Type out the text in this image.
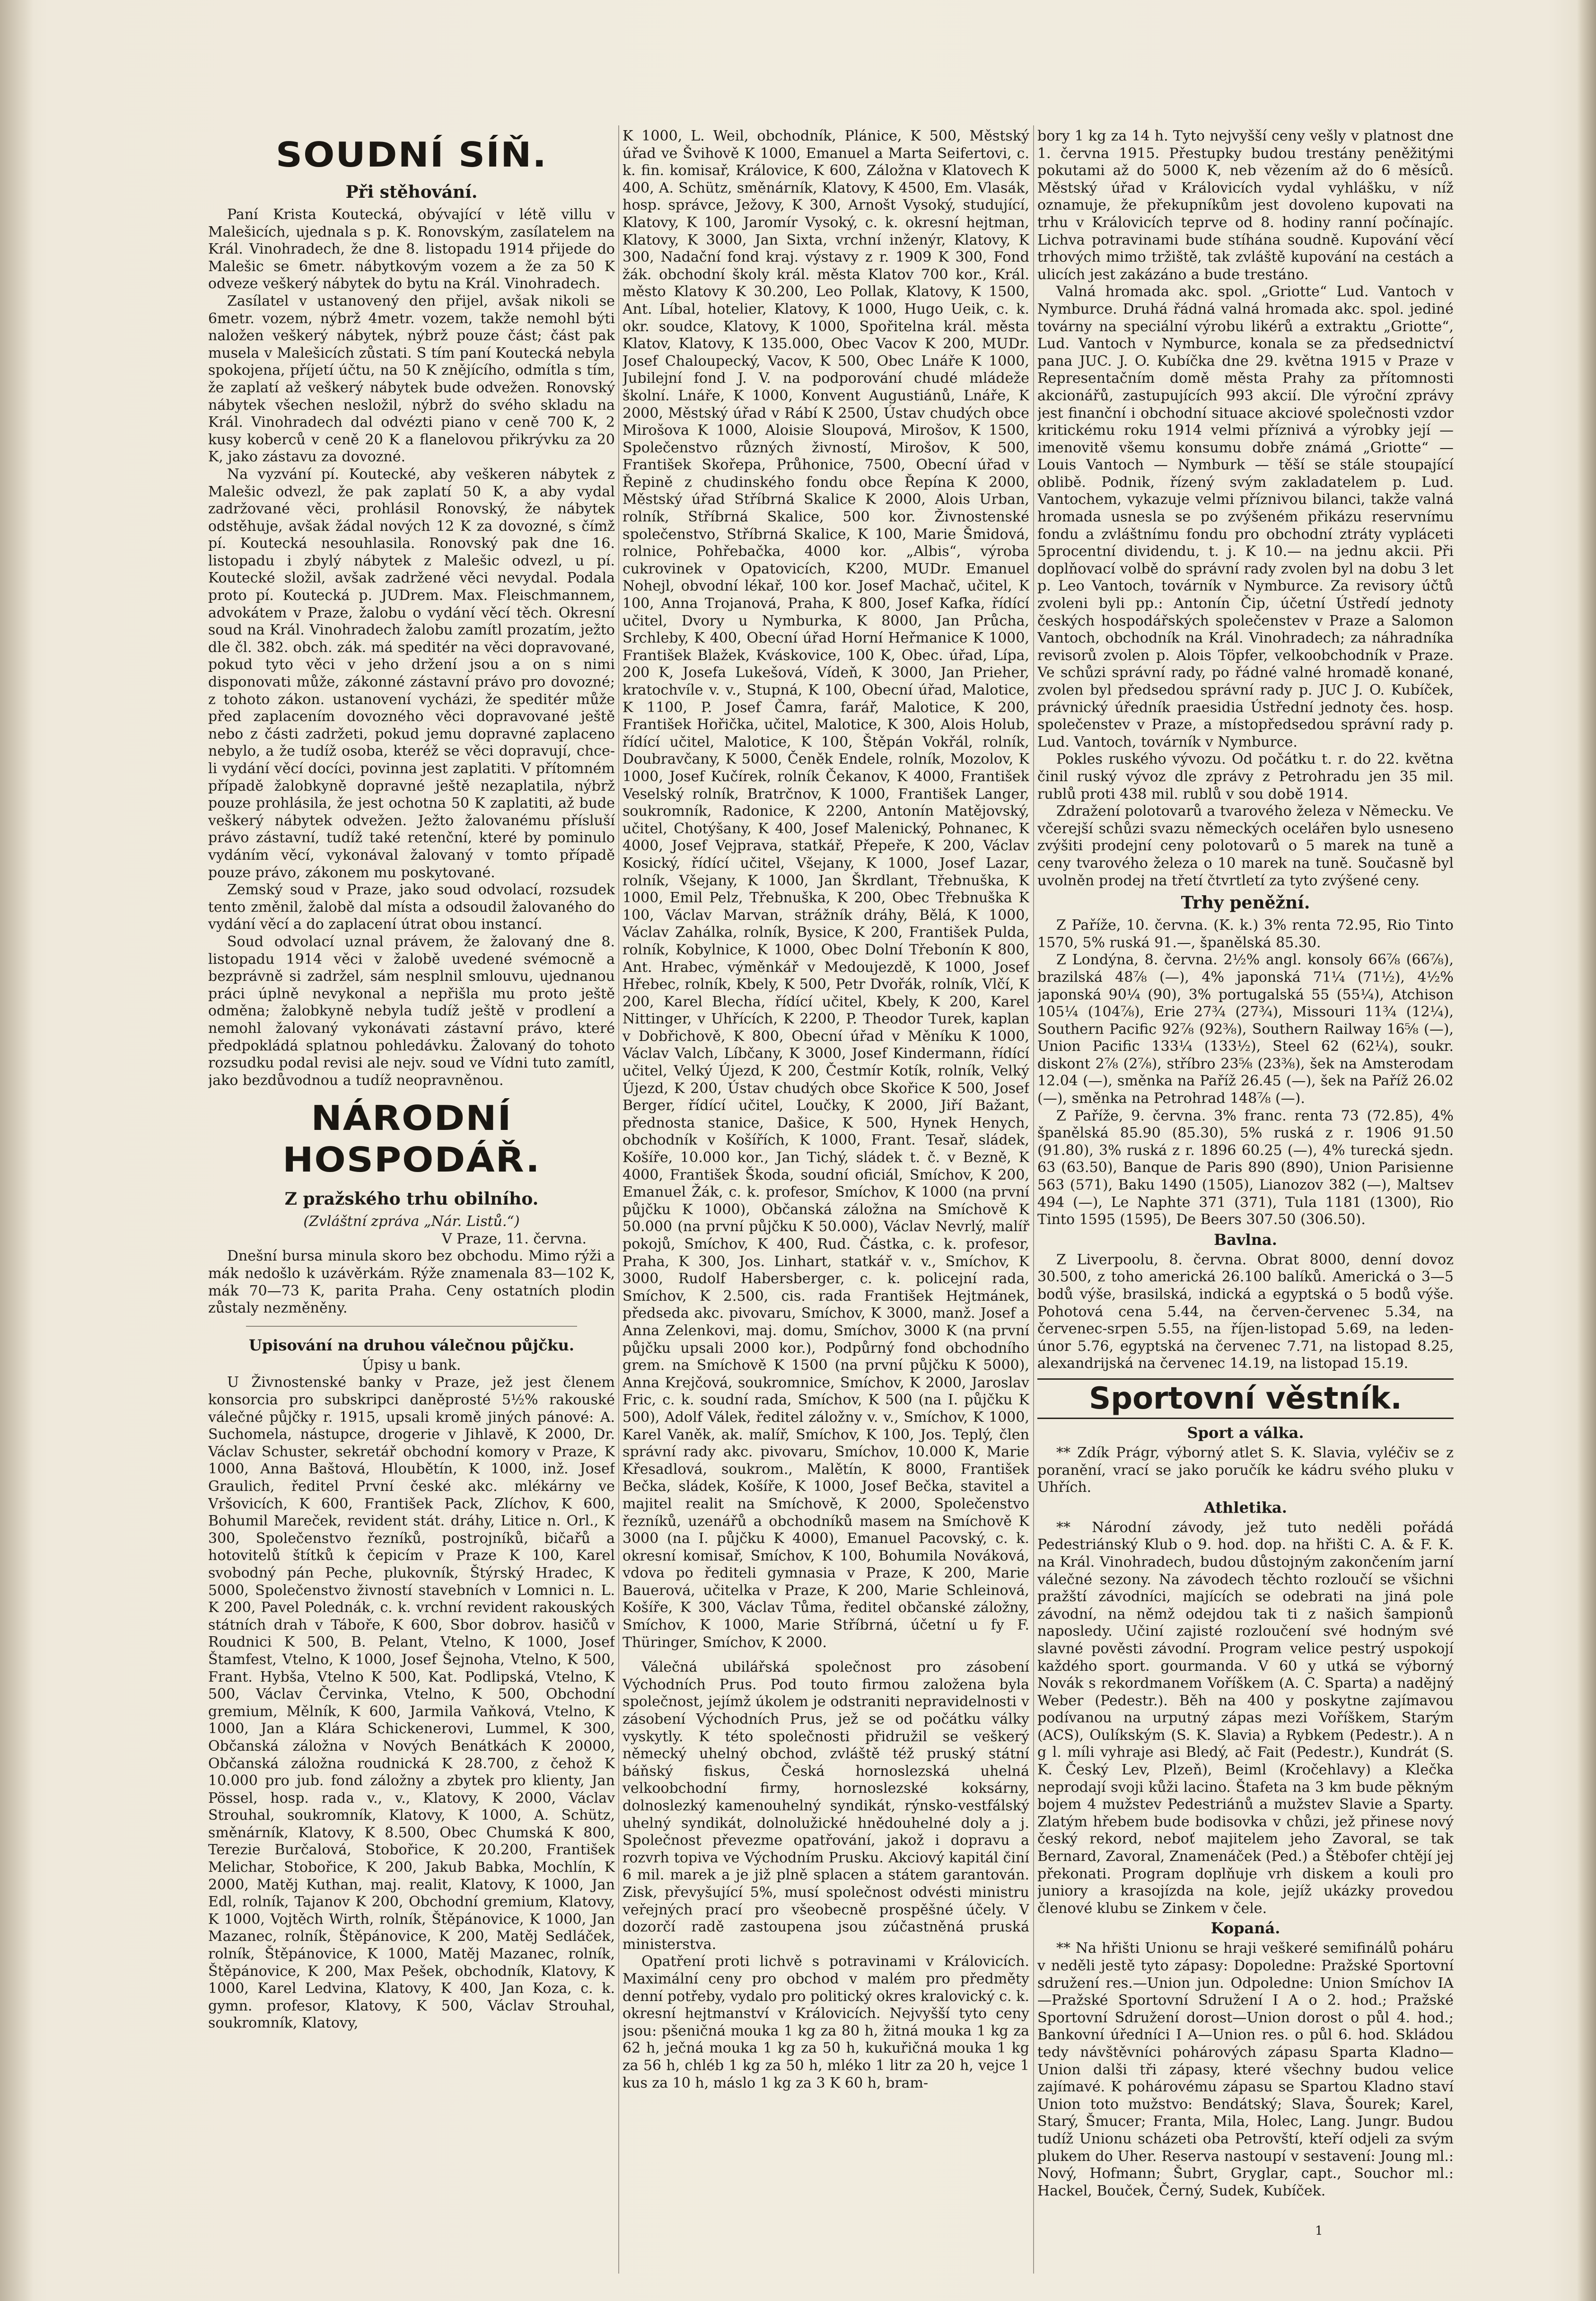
SOUDNÍ SÍŇ.
Při stěhování.

Paní Krista Koutecká, obývající v létě villu v Malešicích, ujednala s p. K. Ronovským, zasílatelem na Král. Vinohradech, že dne 8. listopadu 1914 přijede do Malešic se 6metr. nábytkovým vozem a že za 50 K odveze veškerý nábytek do bytu na Král. Vinohradech.

Zasílatel v ustanovený den přijel, avšak nikoli se 6metr. vozem, nýbrž 4metr. vozem, takže nemohl býti naložen veškerý nábytek, nýbrž pouze část; část pak musela v Malešicích zůstati. S tím paní Koutecká nebyla spokojena, příjetí účtu, na 50 K znějícího, odmítla s tím, že zaplatí až veškerý nábytek bude odvežen. Ronovský nábytek všechen nesložil, nýbrž do svého skladu na Král. Vinohradech dal odvézti piano v ceně 700 K, 2 kusy koberců v ceně 20 K a flanelovou přikrývku za 20 K, jako zástavu za dovozné.

Na vyzvání pí. Koutecké, aby veškeren nábytek z Malešic odvezl, že pak zaplatí 50 K, a aby vydal zadržované věci, prohlásil Ronovský, že nábytek odstěhuje, avšak žádal nových 12 K za dovozné, s čímž pí. Koutecká nesouhlasila. Ronovský pak dne 16. listopadu i zbylý nábytek z Malešic odvezl, u pí. Koutecké složil, avšak zadržené věci nevydal. Podala proto pí. Koutecká p. JUDrem. Max. Fleischmannem, advokátem v Praze, žalobu o vydání věcí těch. Okresní soud na Král. Vinohradech žalobu zamítl prozatím, ježto dle čl. 382. obch. zák. má speditér na věci dopravované, pokud tyto věci v jeho držení jsou a on s nimi disponovati může, zákonné zástavní právo pro dovozné; z tohoto zákon. ustanovení vycházi, že speditér může před zaplacením dovozného věci dopravované ještě nebo z části zadržeti, pokud jemu dopravné zaplaceno nebylo, a že tudíž osoba, kteréž se věci dopravují, chce-li vydání věcí docíci, povinna jest zaplatiti. V přítomném případě žalobkyně dopravné ještě nezaplatila, nýbrž pouze prohlásila, že jest ochotna 50 K zaplatiti, až bude veškerý nábytek odvežen. Ježto žalovanému přísluší právo zástavní, tudíž také retenční, které by pominulo vydáním věcí, vykonával žalovaný v tomto případě pouze právo, zákonem mu poskytované.

Zemský soud v Praze, jako soud odvolací, rozsudek tento změnil, žalobě dal místa a odsoudil žalovaného do vydání věcí a do zaplacení útrat obou instancí.

Soud odvolací uznal právem, že žalovaný dne 8. listopadu 1914 věci v žalobě uvedené svémocně a bezprávně si zadržel, sám nesplnil smlouvu, ujednanou práci úplně nevykonal a nepřišla mu proto ještě odměna; žalobkyně nebyla tudíž ještě v prodlení a nemohl žalovaný vykonávati zástavní právo, které předpokládá splatnou pohledávku. Žalovaný do tohoto rozsudku podal revisi ale nejv. soud ve Vídni tuto zamítl, jako bezdůvodnou a tudíž neopravněnou.

NÁRODNÍ HOSPODÁŘ.
Z pražského trhu obilního.

(Zvláštní zpráva „Nár. Listů.“)

V Praze, 11. června.

Dnešní bursa minula skoro bez obchodu. Mimo rýži a mák nedošlo k uzávěrkám. Rýže znamenala 83—102 K, mák 70—73 K, parita Praha. Ceny ostatních plodin zůstaly nezměněny.

Upisování na druhou válečnou půjčku.

Úpisy u bank.

U Živnostenské banky v Praze, jež jest členem konsorcia pro subskripci daněprosté 5½% rakouské válečné půjčky r. 1915, upsali kromě jiných pánové: A. Suchomela, nástupce, drogerie v Jihlavě, K 2000, Dr. Václav Schuster, sekretář obchodní komory v Praze, K 1000, Anna Baštová, Hloubětín, K 1000, inž. Josef Graulich, ředitel První české akc. mlékárny ve Vršovicích, K 600, František Pack, Zlíchov, K 600, Bohumil Mareček, revident stát. dráhy, Litice n. Orl., K 300, Společenstvo řezníků, postrojníků, bičařů a hotovitelů štítků k čepicím v Praze K 100, Karel svobodný pán Peche, plukovník, Štýrský Hradec, K 5000, Společenstvo živností stavebních v Lomnici n. L. K 200, Pavel Polednák, c. k. vrchní revident rakouských státních drah v Táboře, K 600, Sbor dobrov. hasičů v Roudnici K 500, B. Pelant, Vtelno, K 1000, Josef Štamfest, Vtelno, K 1000, Josef Šejnoha, Vtelno, K 500, Frant. Hybša, Vtelno K 500, Kat. Podlipská, Vtelno, K 500, Václav Červinka, Vtelno, K 500, Obchodní gremium, Mělník, K 600, Jarmila Vaňková, Vtelno, K 1000, Jan a Klára Schickenerovi, Lummel, K 300, Občanská záložna v Nových Benátkách K 20000, Občanská záložna roudnická K 28.700, z čehož K 10.000 pro jub. fond záložny a zbytek pro klienty, Jan Pössel, hosp. rada v., v., Klatovy, K 2000, Václav Strouhal, soukromník, Klatovy, K 1000, A. Schütz, směnárník, Klatovy, K 8.500, Obec Chumská K 800, Terezie Burčalová, Stobořice, K 20.200, František Melichar, Stobořice, K 200, Jakub Babka, Mochlín, K 2000, Matěj Kuthan, maj. realit, Klatovy, K 1000, Jan Edl, rolník, Tajanov K 200, Obchodní gremium, Klatovy, K 1000, Vojtěch Wirth, rolník, Štěpánovice, K 1000, Jan Mazanec, rolník, Štěpánovice, K 200, Matěj Sedláček, rolník, Štěpánovice, K 1000, Matěj Mazanec, rolník, Štěpánovice, K 200, Max Pešek, obchodník, Klatovy, K 1000, Karel Ledvina, Klatovy, K 400, Jan Koza, c. k. gymn. profesor, Klatovy, K 500, Václav Strouhal, soukromník, Klatovy,

K 1000, L. Weil, obchodník, Plánice, K 500, Městský úřad ve Švihově K 1000, Emanuel a Marta Seifertovi, c. k. fin. komisař, Královice, K 600, Záložna v Klatovech K 400, A. Schütz, směnárník, Klatovy, K 4500, Em. Vlasák, hosp. správce, Ježovy, K 300, Arnošt Vysoký, studující, Klatovy, K 100, Jaromír Vysoký, c. k. okresní hejtman, Klatovy, K 3000, Jan Sixta, vrchní inženýr, Klatovy, K 300, Nadační fond kraj. výstavy z r. 1909 K 300, Fond žák. obchodní školy král. města Klatov 700 kor., Král. město Klatovy K 30.200, Leo Pollak, Klatovy, K 1500, Ant. Líbal, hotelier, Klatovy, K 1000, Hugo Ueik, c. k. okr. soudce, Klatovy, K 1000, Spořitelna král. města Klatov, Klatovy, K 135.000, Obec Vacov K 200, MUDr. Josef Chaloupecký, Vacov, K 500, Obec Lnáře K 1000, Jubilejní fond J. V. na podporování chudé mládeže školní. Lnáře, K 1000, Konvent Augustiánů, Lnáře, K 2000, Městský úřad v Rábí K 2500, Ústav chudých obce Mirošova K 1000, Aloisie Sloupová, Mirošov, K 1500, Společenstvo různých živností, Mirošov, K 500, František Skořepa, Průhonice, 7500, Obecní úřad v Řepině z chudinského fondu obce Řepína K 2000, Městský úřad Stříbrná Skalice K 2000, Alois Urban, rolník, Stříbrná Skalice, 500 kor. Živnostenské společenstvo, Stříbrná Skalice, K 100, Marie Šmidová, rolnice, Pohřebačka, 4000 kor. „Albis“, výroba cukrovinek v Opatovicích, K200, MUDr. Emanuel Nohejl, obvodní lékař, 100 kor. Josef Machač, učitel, K 100, Anna Trojanová, Praha, K 800, Josef Kafka, řídící učitel, Dvory u Nymburka, K 8000, Jan Průcha, Srchleby, K 400, Obecní úřad Horní Heřmanice K 1000, František Blažek, Kváskovice, 100 K, Obec. úřad, Lípa, 200 K, Josefa Lukešová, Vídeň, K 3000, Jan Prieher, kratochvíle v. v., Stupná, K 100, Obecní úřad, Malotice, K 1100, P. Josef Čamra, farář, Malotice, K 200, František Hořička, učitel, Malotice, K 300, Alois Holub, řídící učitel, Malotice, K 100, Štěpán Vokřál, rolník, Doubravčany, K 5000, Čeněk Endele, rolník, Mozolov, K 1000, Josef Kučírek, rolník Čekanov, K 4000, František Veselský rolník, Bratrčnov, K 1000, František Langer, soukromník, Radonice, K 2200, Antonín Matějovský, učitel, Chotýšany, K 400, Josef Malenický, Pohnanec, K 4000, Josef Vejprava, statkář, Přepeře, K 200, Václav Kosický, řídící učitel, Všejany, K 1000, Josef Lazar, rolník, Všejany, K 1000, Jan Škrdlant, Třebnuška, K 1000, Emil Pelz, Třebnuška, K 200, Obec Třebnuška K 100, Václav Marvan, strážník dráhy, Bělá, K 1000, Václav Zahálka, rolník, Bysice, K 200, František Pulda, rolník, Kobylnice, K 1000, Obec Dolní Třebonín K 800, Ant. Hrabec, výměnkář v Medoujezdě, K 1000, Josef Hřebec, rolník, Kbely, K 500, Petr Dvořák, rolník, Vlčí, K 200, Karel Blecha, řídící učitel, Kbely, K 200, Karel Nittinger, v Uhřících, K 2200, P. Theodor Turek, kaplan v Dobřichově, K 800, Obecní úřad v Měníku K 1000, Václav Valch, Líbčany, K 3000, Josef Kindermann, řídící učitel, Velký Újezd, K 200, Čestmír Kotík, rolník, Velký Újezd, K 200, Ústav chudých obce Skořice K 500, Josef Berger, řídící učitel, Loučky, K 2000, Jiří Bažant, přednosta stanice, Dašice, K 500, Hynek Henych, obchodník v Košířích, K 1000, Frant. Tesař, sládek, Košíře, 10.000 kor., Jan Tichý, sládek t. č. v Bezně, K 4000, František Škoda, soudní oficiál, Smíchov, K 200, Emanuel Žák, c. k. profesor, Smíchov, K 1000 (na první půjčku K 1000), Občanská záložna na Smíchově K 50.000 (na první půjčku K 50.000), Václav Nevrlý, malíř pokojů, Smíchov, K 400, Rud. Částka, c. k. profesor, Praha, K 300, Jos. Linhart, statkář v. v., Smíchov, K 3000, Rudolf Habersberger, c. k. policejní rada, Smíchov, K 2.500, cis. rada František Hejtmánek, předseda akc. pivovaru, Smíchov, K 3000, manž. Josef a Anna Zelenkovi, maj. domu, Smíchov, 3000 K (na první půjčku upsali 2000 kor.), Podpůrný fond obchodního grem. na Smíchově K 1500 (na první půjčku K 5000), Anna Krejčová, soukromnice, Smíchov, K 2000, Jaroslav Fric, c. k. soudní rada, Smíchov, K 500 (na I. půjčku K 500), Adolf Válek, ředitel záložny v. v., Smíchov, K 1000, Karel Vaněk, ak. malíř, Smíchov, K 100, Jos. Teplý, člen správní rady akc. pivovaru, Smíchov, 10.000 K, Marie Křesadlová, soukrom., Malětín, K 8000, František Bečka, sládek, Košíře, K 1000, Josef Bečka, stavitel a majitel realit na Smíchově, K 2000, Společenstvo řezníků, uzenářů a obchodníků masem na Smíchově K 3000 (na I. půjčku K 4000), Emanuel Pacovský, c. k. okresní komisař, Smíchov, K 100, Bohumila Nováková, vdova po řediteli gymnasia v Praze, K 200, Marie Bauerová, učitelka v Praze, K 200, Marie Schleinová, Košíře, K 300, Václav Tůma, ředitel občanské záložny, Smíchov, K 1000, Marie Stříbrná, účetní u fy F. Thüringer, Smíchov, K 2000.

Válečná ubilářská společnost pro zásobení Východních Prus. Pod touto firmou založena byla společnost, jejímž úkolem je odstraniti nepravidelnosti v zásobení Východních Prus, jež se od počátku války vyskytly. K této společnosti přidružil se veškerý německý uhelný obchod, zvláště též pruský státní báňský fiskus, Česká hornoslezská uhelná velkoobchodní firmy, hornoslezské koksárny, dolnoslezký kamenouhelný syndikát, rýnsko-vestfálský uhelný syndikát, dolnolužické hnědouhelné doly a j. Společnost převezme opatřování, jakož i dopravu a rozvrh topiva ve Východním Prusku. Akciový kapitál činí 6 mil. marek a je již plně splacen a státem garantován. Zisk, převyšující 5%, musí společnost odvésti ministru veřejných prací pro všeobecně prospěšné účely. V dozorčí radě zastoupena jsou zúčastněná pruská ministerstva.

Opatření proti lichvě s potravinami v Královicích. Maximální ceny pro obchod v malém pro předměty denní potřeby, vydalo pro politický okres kralovický c. k. okresní hejtmanství v Královicích. Nejvyšší tyto ceny jsou: pšeničná mouka 1 kg za 80 h, žitná mouka 1 kg za 62 h, ječná mouka 1 kg za 50 h, kukuřičná mouka 1 kg za 56 h, chléb 1 kg za 50 h, mléko 1 litr za 20 h, vejce 1 kus za 10 h, máslo 1 kg za 3 K 60 h, bram-

bory 1 kg za 14 h. Tyto nejvyšší ceny vešly v platnost dne 1. června 1915. Přestupky budou trestány peněžitými pokutami až do 5000 K, neb vězením až do 6 měsíců. Městský úřad v Královicích vydal vyhlášku, v níž oznamuje, že překupníkům jest dovoleno kupovati na trhu v Královicích teprve od 8. hodiny ranní počínajíc. Lichva potravinami bude stíhána soudně. Kupování věcí trhových mimo tržiště, tak zvláště kupování na cestách a ulicích jest zakázáno a bude trestáno.

Valná hromada akc. spol. „Griotte“ Lud. Vantoch v Nymburce. Druhá řádná valná hromada akc. spol. jediné továrny na speciální výrobu likérů a extraktu „Griotte“, Lud. Vantoch v Nymburce, konala se za předsednictví pana JUC. J. O. Kubíčka dne 29. května 1915 v Praze v Representačním domě města Prahy za přítomnosti akcionářů, zastupujících 993 akcií. Dle výroční zprávy jest finanční i obchodní situace akciové společnosti vzdor kritickému roku 1914 velmi příznivá a výrobky její — imenovitě všemu konsumu dobře známá „Griotte“ — Louis Vantoch — Nymburk — těší se stále stoupající oblibě. Podnik, řízený svým zakladatelem p. Lud. Vantochem, vykazuje velmi příznivou bilanci, takže valná hromada usnesla se po zvýšeném přikázu reservnímu fondu a zvláštnímu fondu pro obchodní ztráty vypláceti 5procentní dividendu, t. j. K 10.— na jednu akcii. Při doplňovací volbě do správní rady zvolen byl na dobu 3 let p. Leo Vantoch, továrník v Nymburce. Za revisory účtů zvoleni byli pp.: Antonín Čip, účetní Ústředí jednoty českých hospodářských společenstev v Praze a Salomon Vantoch, obchodník na Král. Vinohradech; za náhradníka revisorů zvolen p. Alois Töpfer, velkoobchodník v Praze. Ve schůzi správní rady, po řádné valné hromadě konané, zvolen byl předsedou správní rady p. JUC J. O. Kubíček, právnický úředník praesidia Ústřední jednoty čes. hosp. společenstev v Praze, a místopředsedou správní rady p. Lud. Vantoch, továrník v Nymburce.

Pokles ruského vývozu. Od počátku t. r. do 22. května činil ruský vývoz dle zprávy z Petrohradu jen 35 mil. rublů proti 438 mil. rublů v sou době 1914.

Zdražení polotovarů a tvarového železa v Německu. Ve včerejší schůzi svazu německých ocelářen bylo usneseno zvýšiti prodejní ceny polotovarů o 5 marek na tuně a ceny tvarového železa o 10 marek na tuně. Současně byl uvolněn prodej na třetí čtvrtletí za tyto zvýšené ceny.

Trhy peněžní.

Z Paříže, 10. června. (K. k.) 3% renta 72.95, Rio Tinto 1570, 5% ruská 91.—, španělská 85.30.

Z Londýna, 8. června. 2½% angl. konsoly 66⅞ (66⅞), brazilská 48⅞ (—), 4% japonská 71¼ (71½), 4½% japonská 90¼ (90), 3% portugalská 55 (55¼), Atchison 105¼ (104⅞), Erie 27¾ (27¾), Missouri 11¾ (12¼), Southern Pacific 92⅞ (92⅜), Southern Railway 16⅝ (—), Union Pacific 133¼ (133½), Steel 62 (62¼), soukr. diskont 2⅞ (2⅞), stříbro 23⅝ (23⅜), šek na Amsterodam 12.04 (—), směnka na Paříž 26.45 (—), šek na Paříž 26.02 (—), směnka na Petrohrad 148⅞ (—).

Z Paříže, 9. června. 3% franc. renta 73 (72.85), 4% španělská 85.90 (85.30), 5% ruská z r. 1906 91.50 (91.80), 3% ruská z r. 1896 60.25 (—), 4% turecká sjedn. 63 (63.50), Banque de Paris 890 (890), Union Parisienne 563 (571), Baku 1490 (1505), Lianozov 382 (—), Maltsev 494 (—), Le Naphte 371 (371), Tula 1181 (1300), Rio Tinto 1595 (1595), De Beers 307.50 (306.50).

Bavlna.

Z Liverpoolu, 8. června. Obrat 8000, denní dovoz 30.500, z toho americká 26.100 balíků. Americká o 3—5 bodů výše, brasilská, indická a egyptská o 5 bodů výše. Pohotová cena 5.44, na červen-červenec 5.34, na červenec-srpen 5.55, na říjen-listopad 5.69, na leden-únor 5.76, egyptská na červenec 7.71, na listopad 8.25, alexandrijská na červenec 14.19, na listopad 15.19.

Sportovní věstník.
Sport a válka.

** Zdík Prágr, výborný atlet S. K. Slavia, vyléčiv se z poranění, vrací se jako poručík ke kádru svého pluku v Uhřích.

Athletika.

** Národní závody, jež tuto neděli pořádá Pedestriánský Klub o 9. hod. dop. na hřišti C. A. & F. K. na Král. Vinohradech, budou důstojným zakončením jarní válečné sezony. Na závodech těchto rozloučí se všichni pražští závodníci, majících se odebrati na jiná pole závodní, na němž odejdou tak ti z našich šampionů naposledy. Učiní zajisté rozloučení své hodným své slavné pověsti závodní. Program velice pestrý uspokojí každého sport. gourmanda. V 60 y utká se výborný Novák s rekordmanem Voříškem (A. C. Sparta) a nadějný Weber (Pedestr.). Běh na 400 y poskytne zajímavou podívanou na urputný zápas mezi Voříškem, Starým (ACS), Oulíkským (S. K. Slavia) a Rybkem (Pedestr.). A n g l. míli vyhraje asi Bledý, ač Fait (Pedestr.), Kundrát (S. K. Český Lev, Plzeň), Beiml (Kročehlavy) a Klečka neprodají svoji kůži lacino. Štafeta na 3 km bude pěkným bojem 4 mužstev Pedestriánů a mužstev Slavie a Sparty. Zlatým hřebem bude bodisovka v chůzi, jež přinese nový český rekord, neboť majitelem jeho Zavoral, se tak Bernard, Zavoral, Znamenáček (Ped.) a Štěbofer chtějí jej překonati. Program doplňuje vrh diskem a kouli pro juniory a krasojízda na kole, jejíž ukázky provedou členové klubu se Zinkem v čele.

Kopaná.

** Na hřišti Unionu se hraji veškeré semifinálů poháru v neděli jestě tyto zápasy: Dopoledne: Pražské Sportovní sdružení res.—Union jun. Odpoledne: Union Smíchov IA—Pražské Sportovní Sdružení I A o 2. hod.; Pražské Sportovní Sdružení dorost—Union dorost o půl 4. hod.; Bankovní úředníci I A—Union res. o půl 6. hod. Skládou tedy návštěvníci pohárových zápasu Sparta Kladno—Union dalši tři zápasy, které všechny budou velice zajímavé. K pohárovému zápasu se Spartou Kladno staví Union toto mužstvo: Bendátský; Slava, Šourek; Karel, Starý, Šmucer; Franta, Mila, Holec, Lang. Jungr. Budou tudíž Unionu scházeti oba Petrovští, kteří odjeli za svým plukem do Uher. Reserva nastoupí v sestavení: Joung ml.: Nový, Hofmann; Šubrt, Gryglar, capt., Souchor ml.: Hackel, Bouček, Černý, Sudek, Kubíček.

1
